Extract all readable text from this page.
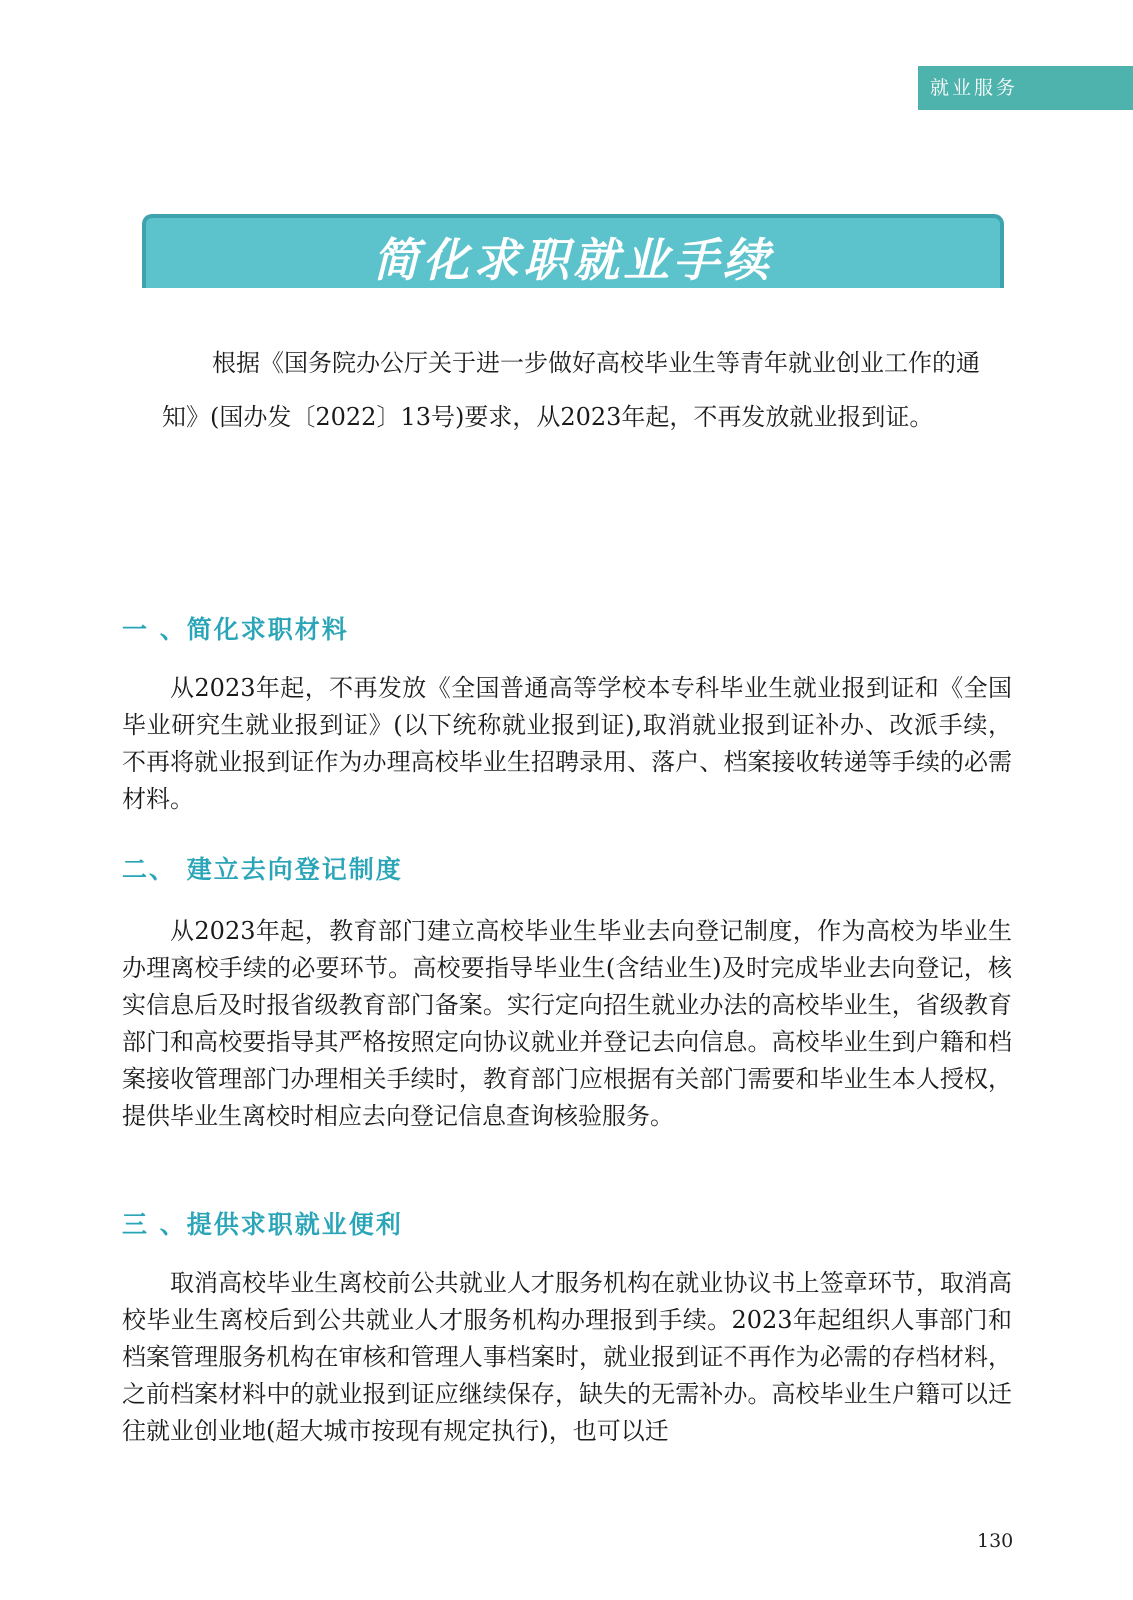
就业服务
简化求职就业手续

根据《国务院办公厅关于进一步做好高校毕业生等青年就业创业工作的通知》(国办发〔2022〕13号)要求，从2023年起，不再发放就业报到证。

一 、简化求职材料

从2023年起，不再发放《全国普通高等学校本专科毕业生就业报到证和《全国毕业研究生就业报到证》(以下统称就业报到证),取消就业报到证补办、改派手续，不再将就业报到证作为办理高校毕业生招聘录用、落户、档案接收转递等手续的必需材料。

二、 建立去向登记制度

从2023年起，教育部门建立高校毕业生毕业去向登记制度，作为高校为毕业生办理离校手续的必要环节。高校要指导毕业生(含结业生)及时完成毕业去向登记，核实信息后及时报省级教育部门备案。实行定向招生就业办法的高校毕业生，省级教育部门和高校要指导其严格按照定向协议就业并登记去向信息。高校毕业生到户籍和档案接收管理部门办理相关手续时，教育部门应根据有关部门需要和毕业生本人授权，提供毕业生离校时相应去向登记信息查询核验服务。

三 、提供求职就业便利

取消高校毕业生离校前公共就业人才服务机构在就业协议书上签章环节，取消高校毕业生离校后到公共就业人才服务机构办理报到手续。2023年起组织人事部门和档案管理服务机构在审核和管理人事档案时，就业报到证不再作为必需的存档材料，之前档案材料中的就业报到证应继续保存，缺失的无需补办。高校毕业生户籍可以迁往就业创业地(超大城市按现有规定执行)，也可以迁

130
